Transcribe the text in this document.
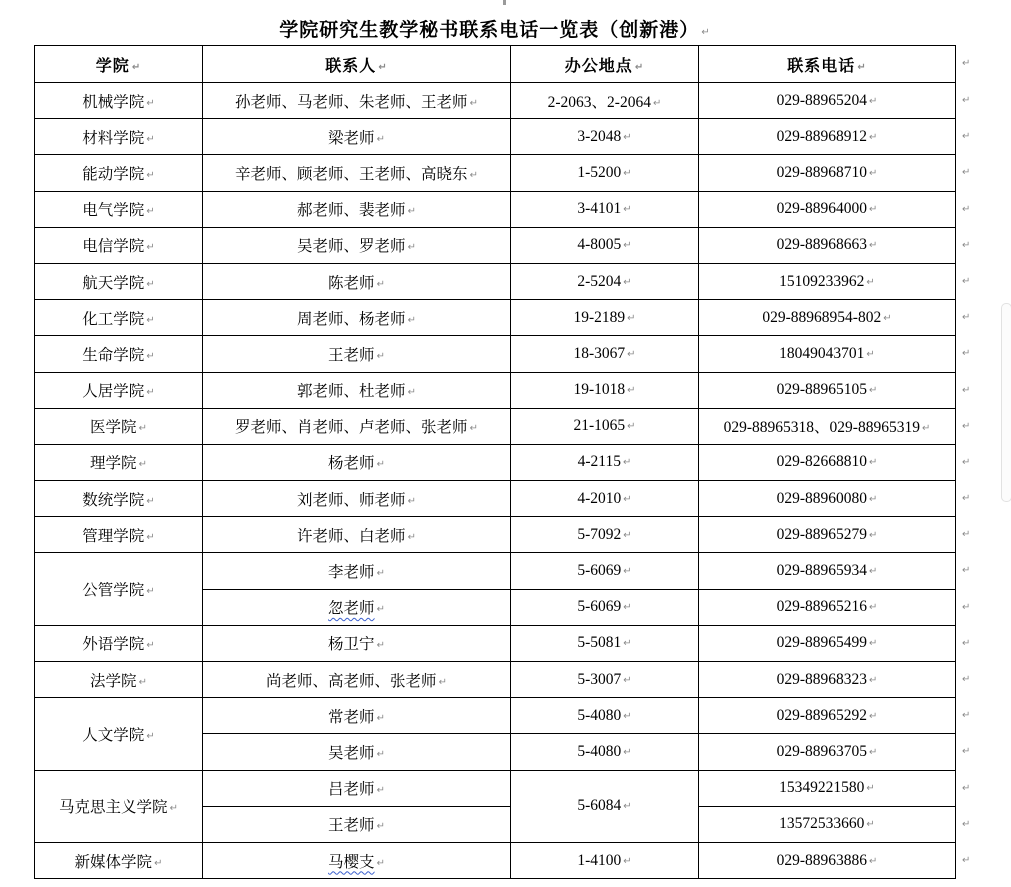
学院研究生教学秘书联系电话一览表（创新港） ↵
学院 ↵	联系人 ↵	办公地点 ↵	联系电话 ↵
机械学院 ↵	孙老师、马老师、朱老师、王老师 ↵	2-2063、2-2064 ↵	029-88965204 ↵
材料学院 ↵	梁老师 ↵	3-2048 ↵	029-88968912 ↵
能动学院 ↵	辛老师、顾老师、王老师、高晓东 ↵	1-5200 ↵	029-88968710 ↵
电气学院 ↵	郝老师、裴老师 ↵	3-4101 ↵	029-88964000 ↵
电信学院 ↵	吴老师、罗老师 ↵	4-8005 ↵	029-88968663 ↵
航天学院 ↵	陈老师 ↵	2-5204 ↵	15109233962 ↵
化工学院 ↵	周老师、杨老师 ↵	19-2189 ↵	029-88968954-802 ↵
生命学院 ↵	王老师 ↵	18-3067 ↵	18049043701 ↵
人居学院 ↵	郭老师、杜老师 ↵	19-1018 ↵	029-88965105 ↵
医学院 ↵	罗老师、肖老师、卢老师、张老师 ↵	21-1065 ↵	029-88965318、029-88965319 ↵
理学院 ↵	杨老师 ↵	4-2115 ↵	029-82668810 ↵
数统学院 ↵	刘老师、师老师 ↵	4-2010 ↵	029-88960080 ↵
管理学院 ↵	许老师、白老师 ↵	5-7092 ↵	029-88965279 ↵
公管学院 ↵	李老师 ↵	5-6069 ↵	029-88965934 ↵
	忽老师 ↵	5-6069 ↵	029-88965216 ↵
外语学院 ↵	杨卫宁 ↵	5-5081 ↵	029-88965499 ↵
法学院 ↵	尚老师、高老师、张老师 ↵	5-3007 ↵	029-88968323 ↵
人文学院 ↵	常老师 ↵	5-4080 ↵	029-88965292 ↵
	吴老师 ↵	5-4080 ↵	029-88963705 ↵
马克思主义学院 ↵	吕老师 ↵	5-6084 ↵	15349221580 ↵
	王老师 ↵		13572533660 ↵
新媒体学院 ↵	马樱支 ↵	1-4100 ↵	029-88963886 ↵
↵
↵
↵
↵
↵
↵
↵
↵
↵
↵
↵
↵
↵
↵
↵
↵
↵
↵
↵
↵
↵
↵
↵
